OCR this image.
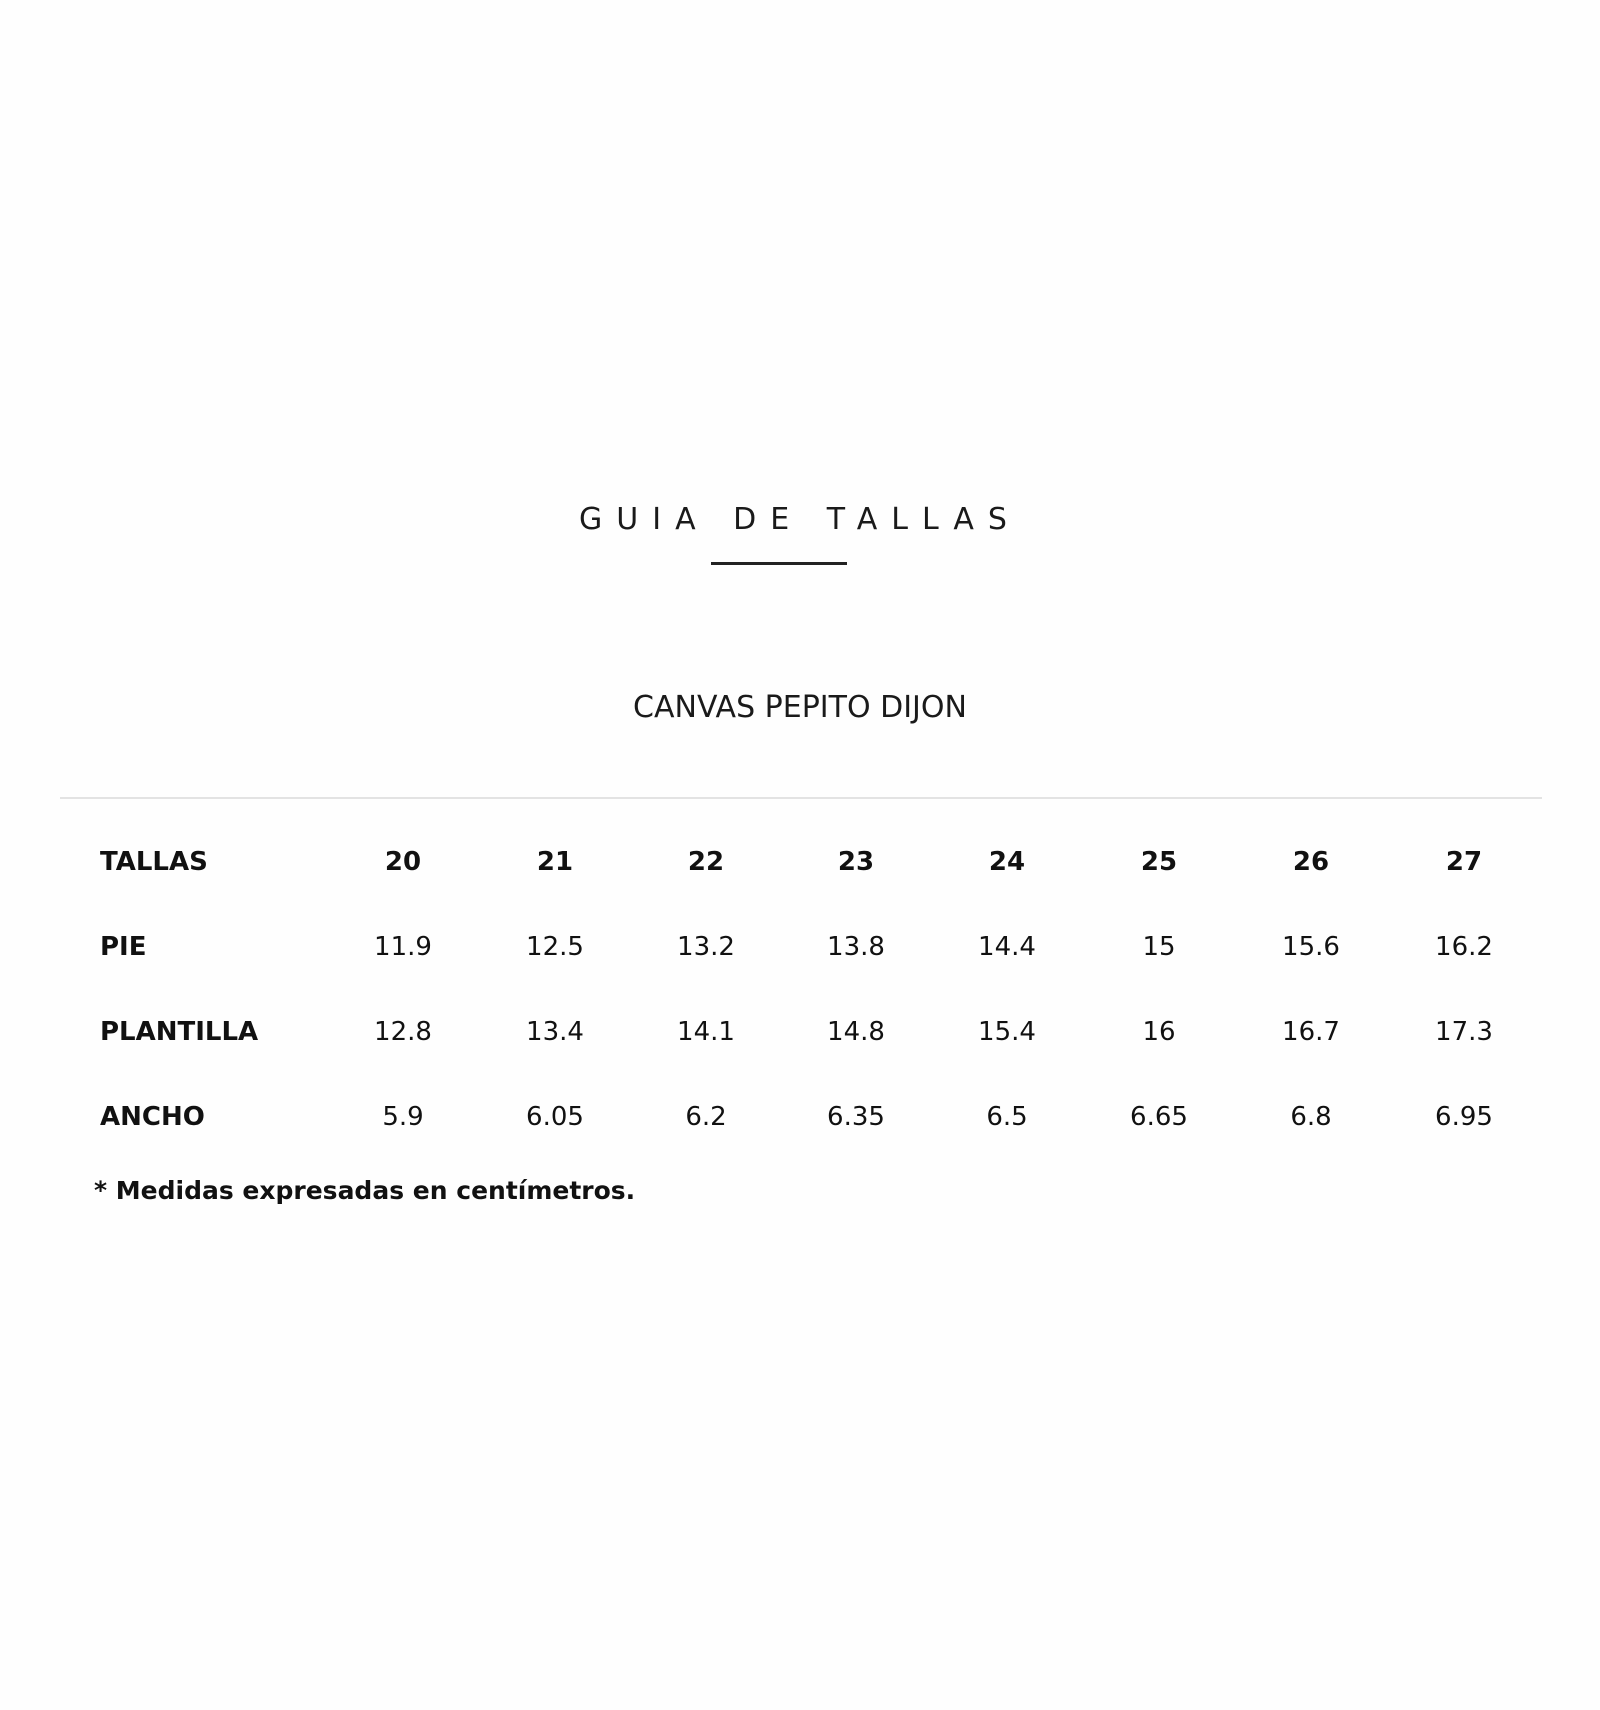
GUIA DE TALLAS
CANVAS PEPITO DIJON
TALLAS	20	21	22	23	24	25	26	27
PIE	11.9	12.5	13.2	13.8	14.4	15	15.6	16.2
PLANTILLA	12.8	13.4	14.1	14.8	15.4	16	16.7	17.3
ANCHO	5.9	6.05	6.2	6.35	6.5	6.65	6.8	6.95
* Medidas expresadas en centímetros.
